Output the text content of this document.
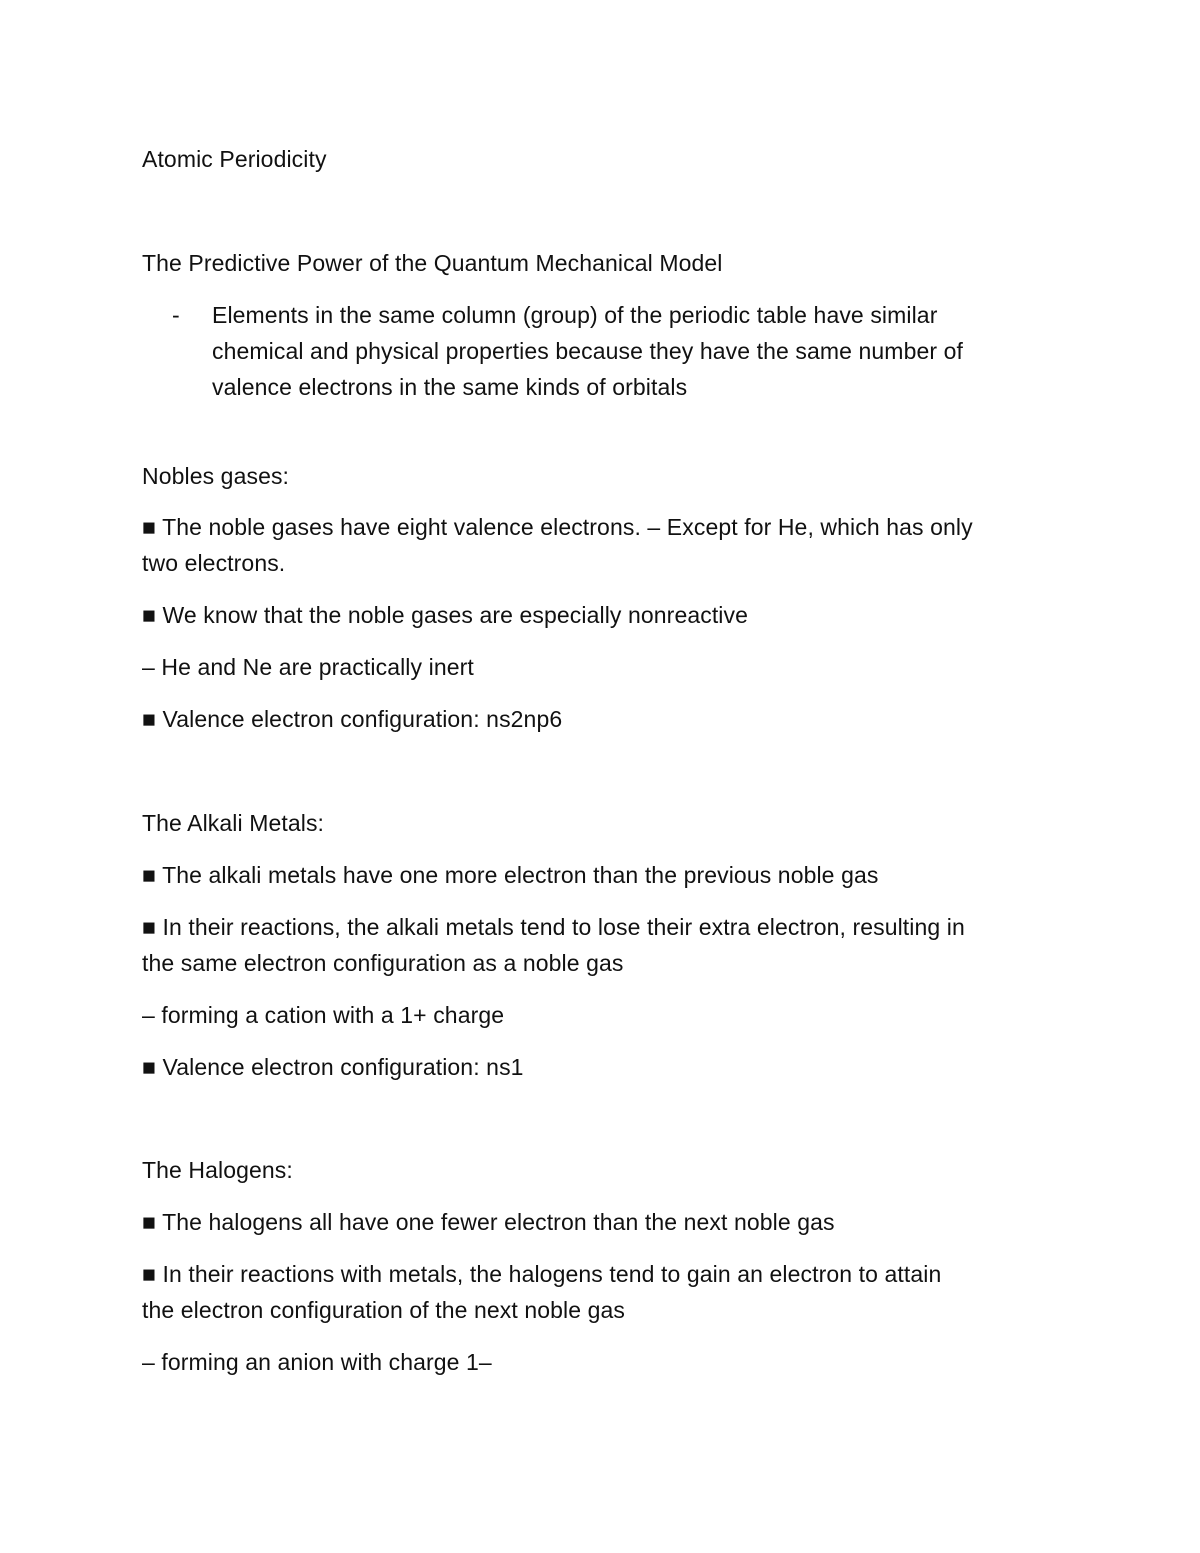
Atomic Periodicity
The Predictive Power of the Quantum Mechanical Model
- Elements in the same column (group) of the periodic table have similar
chemical and physical properties because they have the same number of
valence electrons in the same kinds of orbitals
Nobles gases:
■ The noble gases have eight valence electrons. – Except for He, which has only
two electrons.
■ We know that the noble gases are especially nonreactive
– He and Ne are practically inert
■ Valence electron configuration: ns2np6
The Alkali Metals:
■ The alkali metals have one more electron than the previous noble gas
■ In their reactions, the alkali metals tend to lose their extra electron, resulting in
the same electron configuration as a noble gas
– forming a cation with a 1+ charge
■ Valence electron configuration: ns1
The Halogens:
■ The halogens all have one fewer electron than the next noble gas
■ In their reactions with metals, the halogens tend to gain an electron to attain
the electron configuration of the next noble gas
– forming an anion with charge 1–
